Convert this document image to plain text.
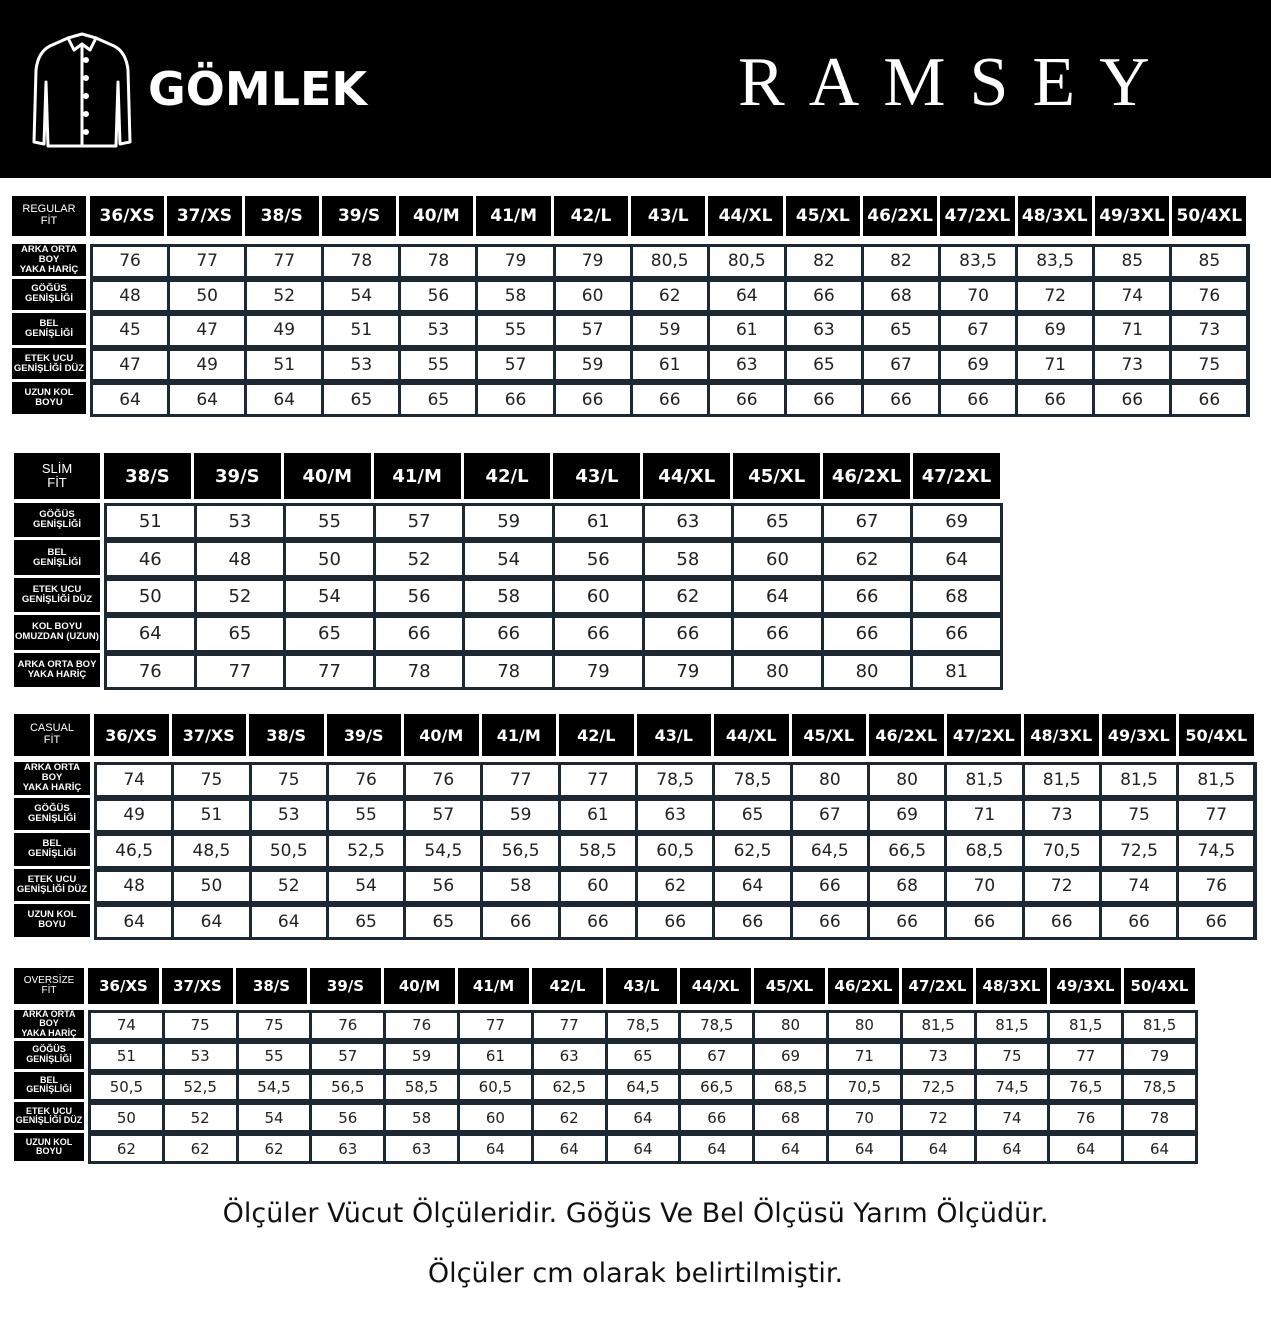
GÖMLEK	RAMSEY
REGULAR
FİT	36/XS	37/XS	38/S	39/S	40/M	41/M	42/L	43/L	44/XL	45/XL	46/2XL 47/2XL 48/3XL 49/3XL 50/4XL
ARKA ORTA BOY
YAKA HARİÇ	76	77	77	78	78	79	79	80,5	80,5	82	82	83,5	83,5	85	85
GÖĞÜS
GENİŞLİĞİ	48	50	52	54	56	58	60	62	64	66	68	70	72	74	76
BEL
GENİŞLİĞİ	45	47	49	51	53	55	57	59	61	63	65	67	69	71	73
ETEK UCU
GENİŞLİĞİ DÜZ	47	49	51	53	55	57	59	61	63	65	67	69	71	73	75
UZUN KOL
BOYU	64	64	64	65	65	66	66	66	66	66	66	66	66	66	66
SLİM
FİT	38/S	39/S	40/M	41/M	42/L	43/L	44/XL	45/XL	46/2XL	47/2XL
GÖĞÜS
GENİŞLİĞİ	51	53	55	57	59	61	63	65	67	69
BEL
GENİŞLİĞİ	46	48	50	52	54	56	58	60	62	64
ETEK UCU
GENİŞLİĞİ DÜZ	50	52	54	56	58	60	62	64	66	68
KOL BOYU
OMUZDAN (UZUN)	64	65	65	66	66	66	66	66	66	66
ARKA ORTA BOY
YAKA HARİÇ	76	77	77	78	78	79	79	80	80	81
CASUAL
FİT	36/XS	37/XS	38/S	39/S	40/M	41/M	42/L	43/L	44/XL	45/XL	46/2XL 47/2XL 48/3XL 49/3XL 50/4XL
ARKA ORTA BOY
YAKA HARİÇ	74	75	75	76	76	77	77	78,5	78,5	80	80	81,5	81,5	81,5	81,5
GÖĞÜS
GENİŞLİĞİ	49	51	53	55	57	59	61	63	65	67	69	71	73	75	77
BEL
GENİŞLİĞİ	46,5	48,5	50,5	52,5	54,5	56,5	58,5	60,5	62,5	64,5	66,5	68,5	70,5	72,5	74,5
ETEK UCU
GENİŞLİĞİ DÜZ	48	50	52	54	56	58	60	62	64	66	68	70	72	74	76
UZUN KOL
BOYU	64	64	64	65	65	66	66	66	66	66	66	66	66	66	66
OVERSİZE
FİT	36/XS	37/XS	38/S	39/S	40/M	41/M	42/L	43/L	44/XL	45/XL	46/2XL	47/2XL	48/3XL	49/3XL	50/4XL
ARKA ORTA BOY
YAKA HARİÇ	74	75	75	76	76	77	77	78,5	78,5	80	80	81,5	81,5	81,5	81,5
GÖĞÜS
GENİŞLİĞİ	51	53	55	57	59	61	63	65	67	69	71	73	75	77	79
BEL
GENİŞLİĞİ	50,5	52,5	54,5	56,5	58,5	60,5	62,5	64,5	66,5	68,5	70,5	72,5	74,5	76,5	78,5
ETEK UCU
GENİŞLİĞİ DÜZ	50	52	54	56	58	60	62	64	66	68	70	72	74	76	78
UZUN KOL
BOYU	62	62	62	63	63	64	64	64	64	64	64	64	64	64	64
Ölçüler Vücut Ölçüleridir. Göğüs Ve Bel Ölçüsü Yarım Ölçüdür.
Ölçüler cm olarak belirtilmiştir.
